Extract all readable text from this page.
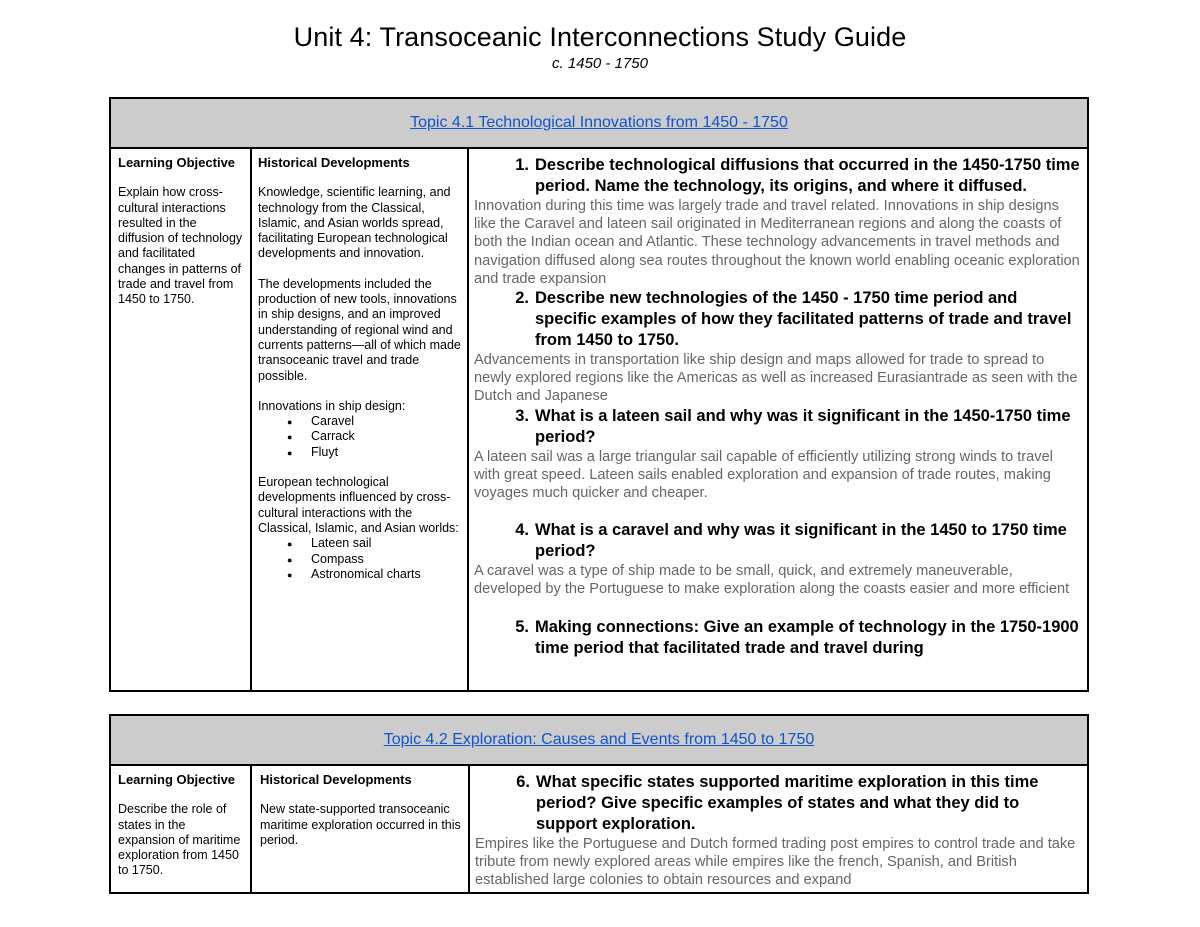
Unit 4: Transoceanic Interconnections Study Guide
c. 1450 - 1750
Topic 4.1 Technological Innovations from 1450 - 1750
Learning Objective
Explain how cross-cultural interactions resulted in the diffusion of technology and facilitated changes in patterns of trade and travel from 1450 to 1750.
Historical Developments
Knowledge, scientific learning, and technology from the Classical, Islamic, and Asian worlds spread, facilitating European technological developments and innovation.
The developments included the production of new tools, innovations in ship designs, and an improved understanding of regional wind and currents patterns—all of which made transoceanic travel and trade possible.
Innovations in ship design:
● Caravel
● Carrack
● Fluyt
European technological developments influenced by cross-cultural interactions with the Classical, Islamic, and Asian worlds:
● Lateen sail
● Compass
● Astronomical charts
1. Describe technological diffusions that occurred in the 1450-1750 time period. Name the technology, its origins, and where it diffused.

Innovation during this time was largely trade and travel related. Innovations in ship designs like the Caravel and lateen sail originated in Mediterranean regions and along the coasts of both the Indian ocean and Atlantic. These technology advancements in travel methods and navigation diffused along sea routes throughout the known world enabling oceanic exploration and trade expansion

2. Describe new technologies of the 1450 - 1750 time period and specific examples of how they facilitated patterns of trade and travel from 1450 to 1750.

Advancements in transportation like ship design and maps allowed for trade to spread to newly explored regions like the Americas as well as increased Eurasiantrade as seen with the Dutch and Japanese

3. What is a lateen sail and why was it significant in the 1450-1750 time period?

A lateen sail was a large triangular sail capable of efficiently utilizing strong winds to travel with great speed. Lateen sails enabled exploration and expansion of trade routes, making voyages much quicker and cheaper.

4. What is a caravel and why was it significant in the 1450 to 1750 time period?

A caravel was a type of ship made to be small, quick, and extremely maneuverable, developed by the Portuguese to make exploration along the coasts easier and more efficient

5. Making connections: Give an example of technology in the 1750-1900 time period that facilitated trade and travel during
Topic 4.2 Exploration: Causes and Events from 1450 to 1750
Learning Objective
Describe the role of states in the expansion of maritime exploration from 1450 to 1750.
Historical Developments
New state-supported transoceanic maritime exploration occurred in this period.
6. What specific states supported maritime exploration in this time period? Give specific examples of states and what they did to support exploration.

Empires like the Portuguese and Dutch formed trading post empires to control trade and take tribute from newly explored areas while empires like the french, Spanish, and British established large colonies to obtain resources and expand
